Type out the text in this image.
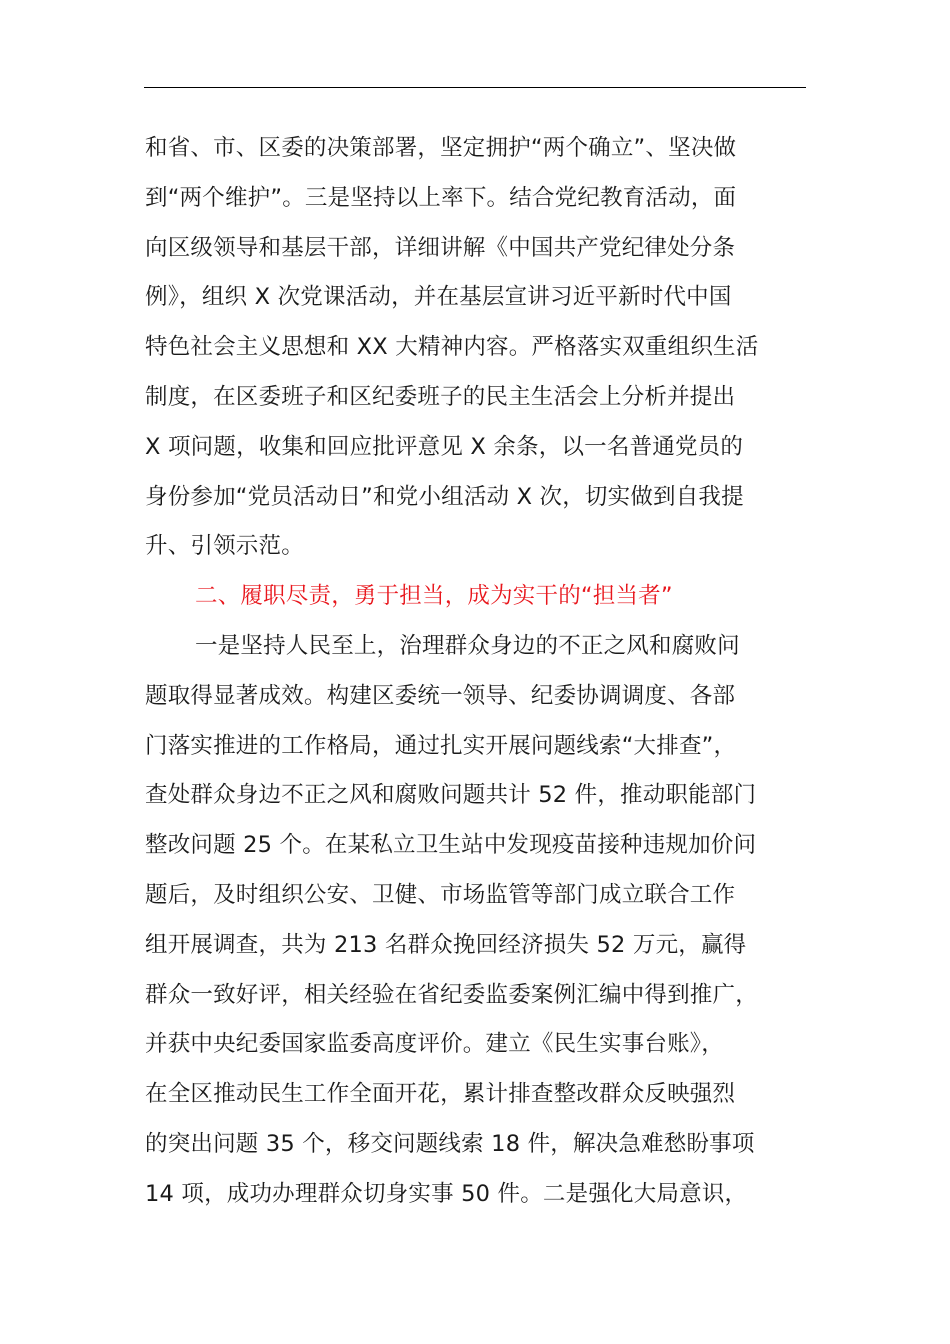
和省、市、区委的决策部署，坚定拥护“两个确立”、坚决做
到“两个维护”。三是坚持以上率下。结合党纪教育活动，面
向区级领导和基层干部，详细讲解《中国共产党纪律处分条
例》，组织 X 次党课活动，并在基层宣讲习近平新时代中国
特色社会主义思想和 XX 大精神内容。严格落实双重组织生活
制度，在区委班子和区纪委班子的民主生活会上分析并提出
X 项问题，收集和回应批评意见 X 余条，以一名普通党员的
身份参加“党员活动日”和党小组活动 X 次，切实做到自我提
升、引领示范。
二、履职尽责，勇于担当，成为实干的“担当者”
一是坚持人民至上，治理群众身边的不正之风和腐败问
题取得显著成效。构建区委统一领导、纪委协调调度、各部
门落实推进的工作格局，通过扎实开展问题线索“大排查”，
查处群众身边不正之风和腐败问题共计 52 件，推动职能部门
整改问题 25 个。在某私立卫生站中发现疫苗接种违规加价问
题后，及时组织公安、卫健、市场监管等部门成立联合工作
组开展调查，共为 213 名群众挽回经济损失 52 万元，赢得
群众一致好评，相关经验在省纪委监委案例汇编中得到推广，
并获中央纪委国家监委高度评价。建立《民生实事台账》，
在全区推动民生工作全面开花，累计排查整改群众反映强烈
的突出问题 35 个，移交问题线索 18 件，解决急难愁盼事项
14 项，成功办理群众切身实事 50 件。二是强化大局意识，
